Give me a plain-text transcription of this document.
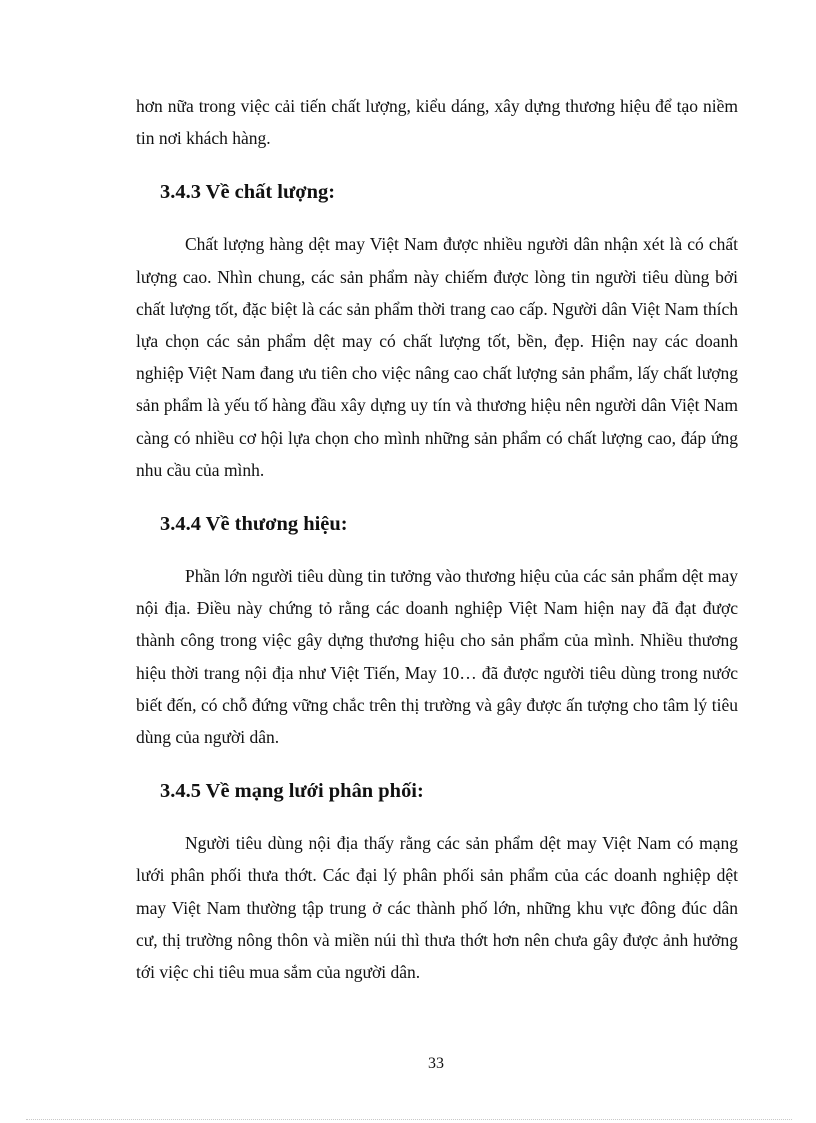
hơn nữa trong việc cải tiến chất lượng, kiểu dáng, xây dựng thương hiệu để tạo niềm tin nơi khách hàng.

3.4.3 Về chất lượng:

Chất lượng hàng dệt may Việt Nam được nhiều người dân nhận xét là có chất lượng cao. Nhìn chung, các sản phẩm này chiếm được lòng tin người tiêu dùng bởi chất lượng tốt, đặc biệt là các sản phẩm thời trang cao cấp. Người dân Việt Nam thích lựa chọn các sản phẩm dệt may có chất lượng tốt, bền, đẹp. Hiện nay các doanh nghiệp Việt Nam đang ưu tiên cho việc nâng cao chất lượng sản phẩm, lấy chất lượng sản phẩm là yếu tố hàng đầu xây dựng uy tín và thương hiệu nên người dân Việt Nam càng có nhiều cơ hội lựa chọn cho mình những sản phẩm có chất lượng cao, đáp ứng nhu cầu của mình.

3.4.4 Về thương hiệu:

Phần lớn người tiêu dùng tin tưởng vào thương hiệu của các sản phẩm dệt may nội địa. Điều này chứng tỏ rằng các doanh nghiệp Việt Nam hiện nay đã đạt được thành công trong việc gây dựng thương hiệu cho sản phẩm của mình. Nhiều thương hiệu thời trang nội địa như Việt Tiến, May 10… đã được người tiêu dùng trong nước biết đến, có chỗ đứng vững chắc trên thị trường và gây được ấn tượng cho tâm lý tiêu dùng của người dân.

3.4.5 Về mạng lưới phân phối:

Người tiêu dùng nội địa thấy rằng các sản phẩm dệt may Việt Nam có mạng lưới phân phối thưa thớt. Các đại lý phân phối sản phẩm của các doanh nghiệp dệt may Việt Nam thường tập trung ở các thành phố lớn, những khu vực đông đúc dân cư, thị trường nông thôn và miền núi thì thưa thớt hơn nên chưa gây được ảnh hưởng tới việc chi tiêu mua sắm của người dân.

33
